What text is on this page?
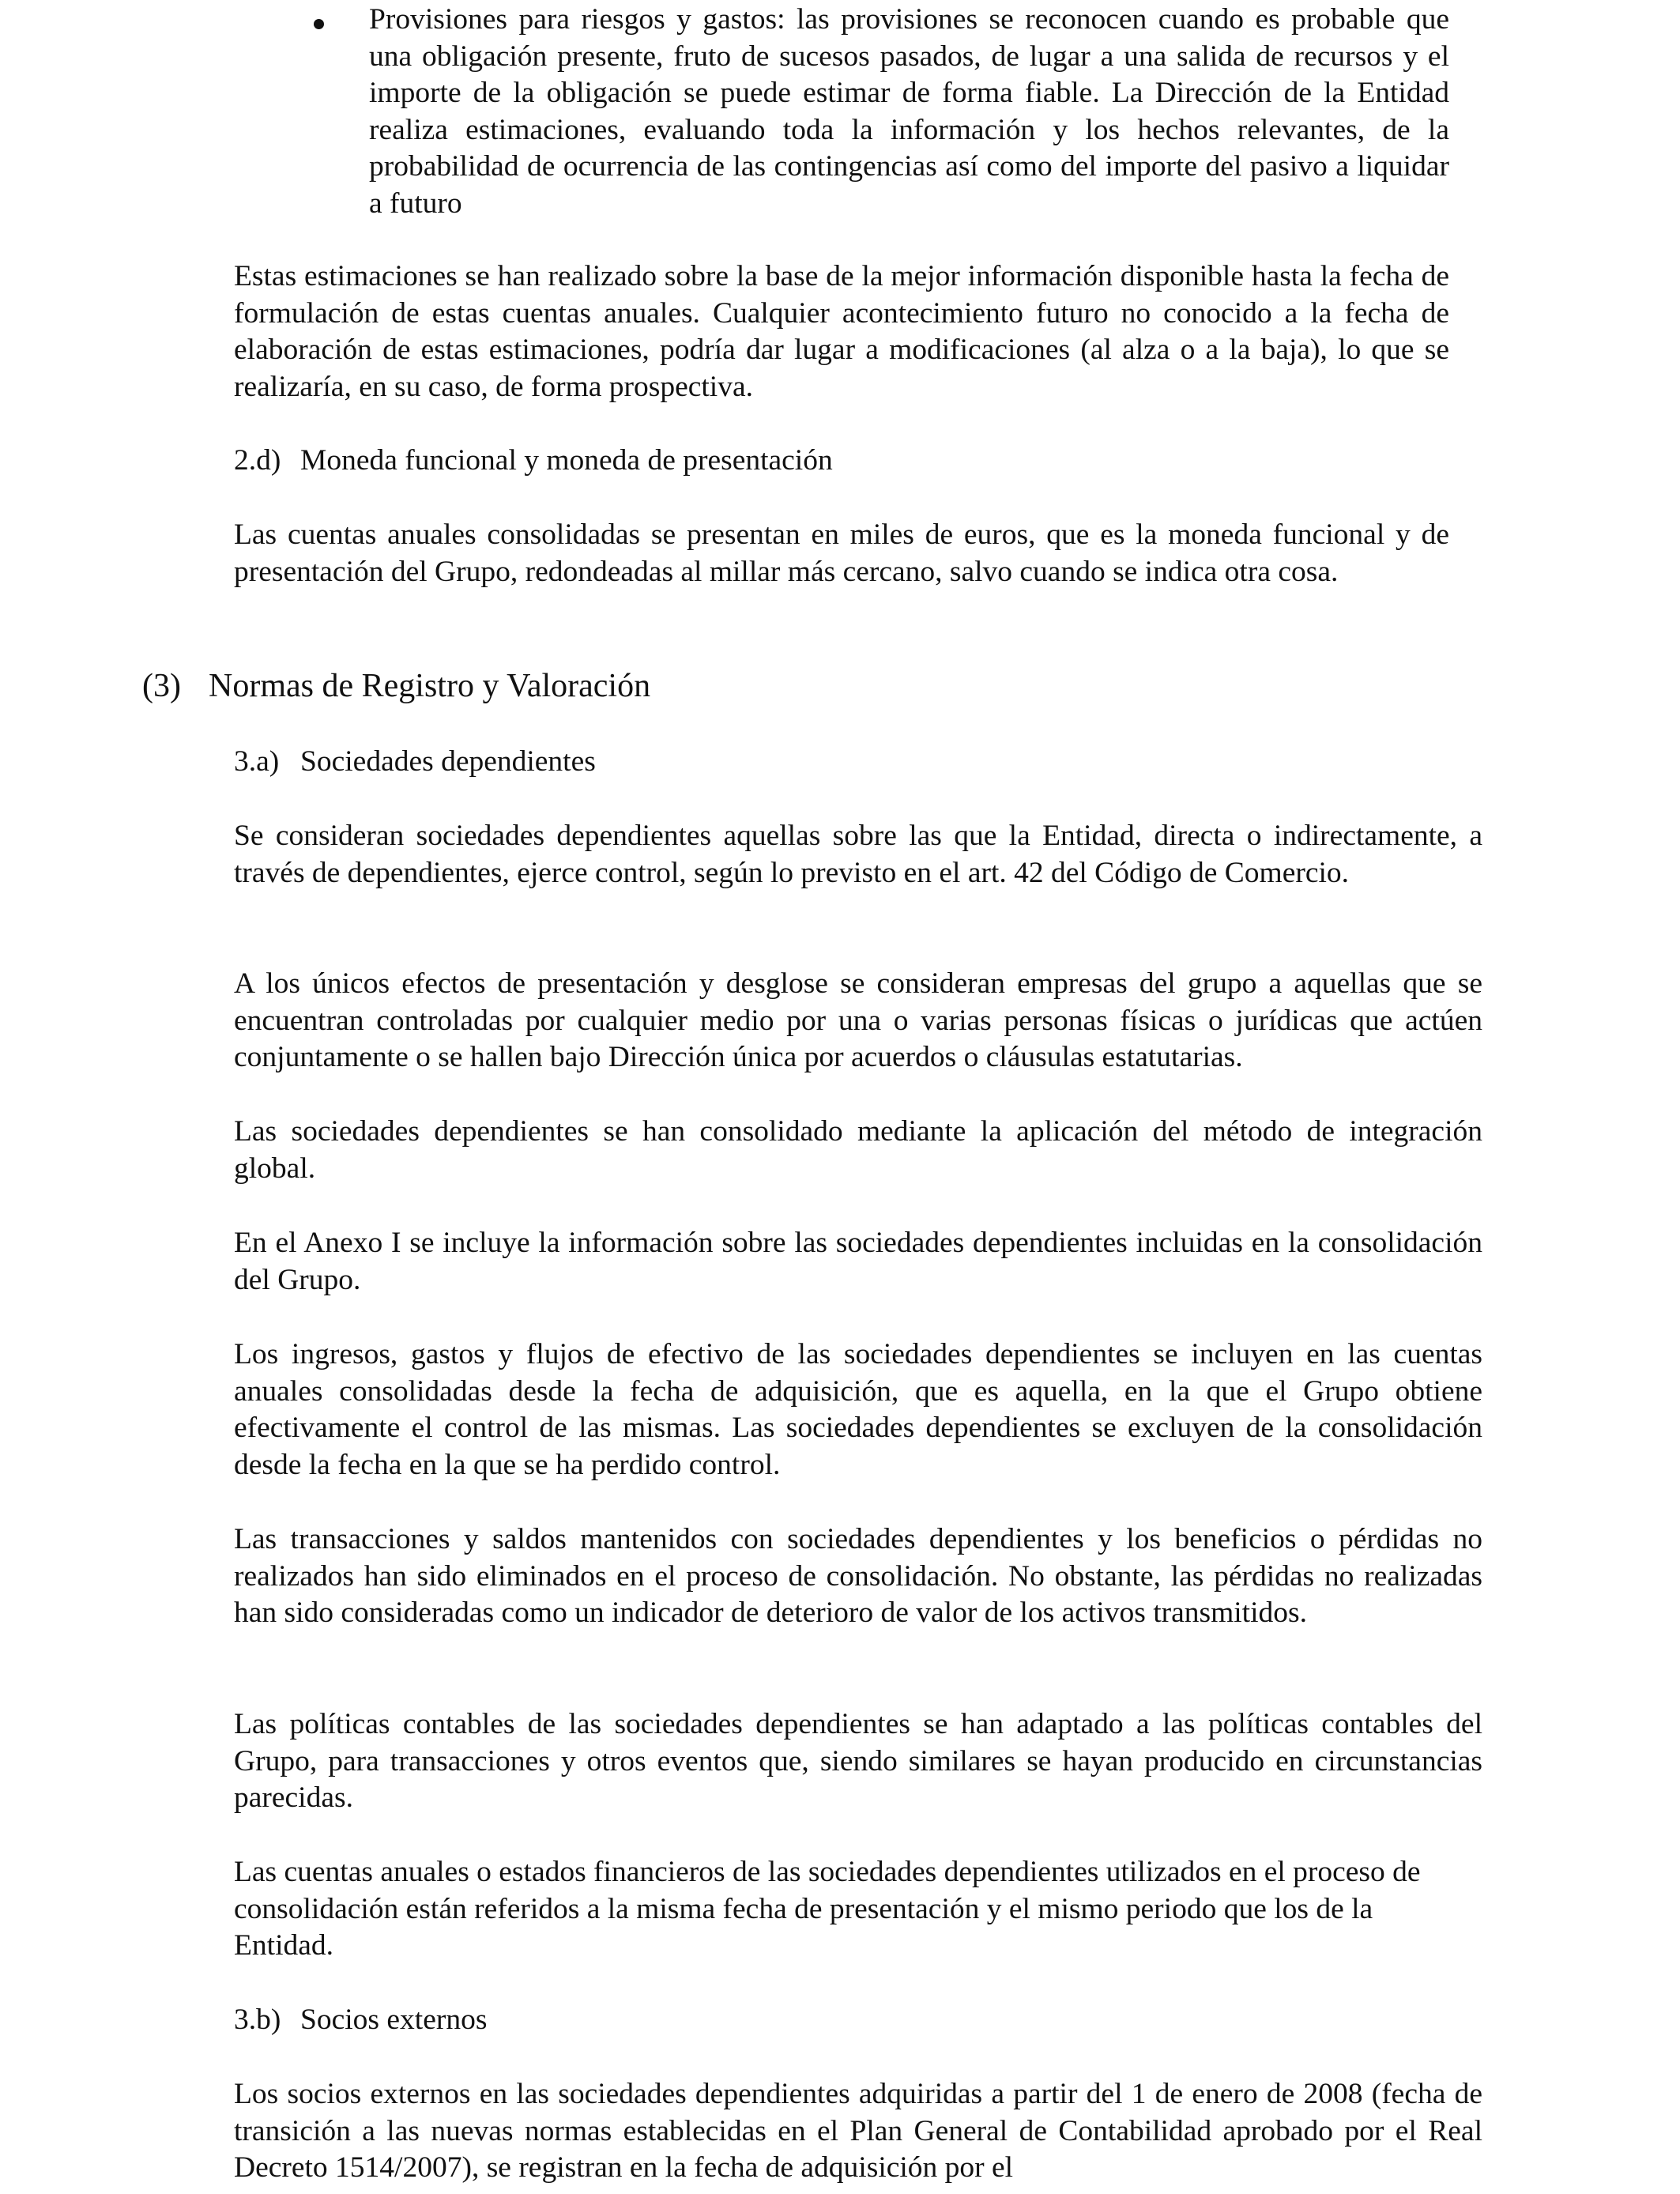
Provisiones para riesgos y gastos: las provisiones se reconocen cuando es probable que una obligación presente, fruto de sucesos pasados, de lugar a una salida de recursos y el importe de la obligación se puede estimar de forma fiable. La Dirección de la Entidad realiza estimaciones, evaluando toda la información y los hechos relevantes, de la probabilidad de ocurrencia de las contingencias así como del importe del pasivo a liquidar a futuro

Estas estimaciones se han realizado sobre la base de la mejor información disponible hasta la fecha de formulación de estas cuentas anuales. Cualquier acontecimiento futuro no conocido a la fecha de elaboración de estas estimaciones, podría dar lugar a modificaciones (al alza o a la baja), lo que se realizaría, en su caso, de forma prospectiva.

2.d) Moneda funcional y moneda de presentación

Las cuentas anuales consolidadas se presentan en miles de euros, que es la moneda funcional y de presentación del Grupo, redondeadas al millar más cercano, salvo cuando se indica otra cosa.

(3) Normas de Registro y Valoración

3.a) Sociedades dependientes

Se consideran sociedades dependientes aquellas sobre las que la Entidad, directa o indirectamente, a través de dependientes, ejerce control, según lo previsto en el art. 42 del Código de Comercio.

A los únicos efectos de presentación y desglose se consideran empresas del grupo a aquellas que se encuentran controladas por cualquier medio por una o varias personas físicas o jurídicas que actúen conjuntamente o se hallen bajo Dirección única por acuerdos o cláusulas estatutarias.

Las sociedades dependientes se han consolidado mediante la aplicación del método de integración global.

En el Anexo I se incluye la información sobre las sociedades dependientes incluidas en la consolidación del Grupo.

Los ingresos, gastos y flujos de efectivo de las sociedades dependientes se incluyen en las cuentas anuales consolidadas desde la fecha de adquisición, que es aquella, en la que el Grupo obtiene efectivamente el control de las mismas. Las sociedades dependientes se excluyen de la consolidación desde la fecha en la que se ha perdido control.

Las transacciones y saldos mantenidos con sociedades dependientes y los beneficios o pérdidas no realizados han sido eliminados en el proceso de consolidación. No obstante, las pérdidas no realizadas han sido consideradas como un indicador de deterioro de valor de los activos transmitidos.

Las políticas contables de las sociedades dependientes se han adaptado a las políticas contables del Grupo, para transacciones y otros eventos que, siendo similares se hayan producido en circunstancias parecidas.

Las cuentas anuales o estados financieros de las sociedades dependientes utilizados en el proceso de consolidación están referidos a la misma fecha de presentación y el mismo periodo que los de la Entidad.

3.b) Socios externos

Los socios externos en las sociedades dependientes adquiridas a partir del 1 de enero de 2008 (fecha de transición a las nuevas normas establecidas en el Plan General de Contabilidad aprobado por el Real Decreto 1514/2007), se registran en la fecha de adquisición por el
